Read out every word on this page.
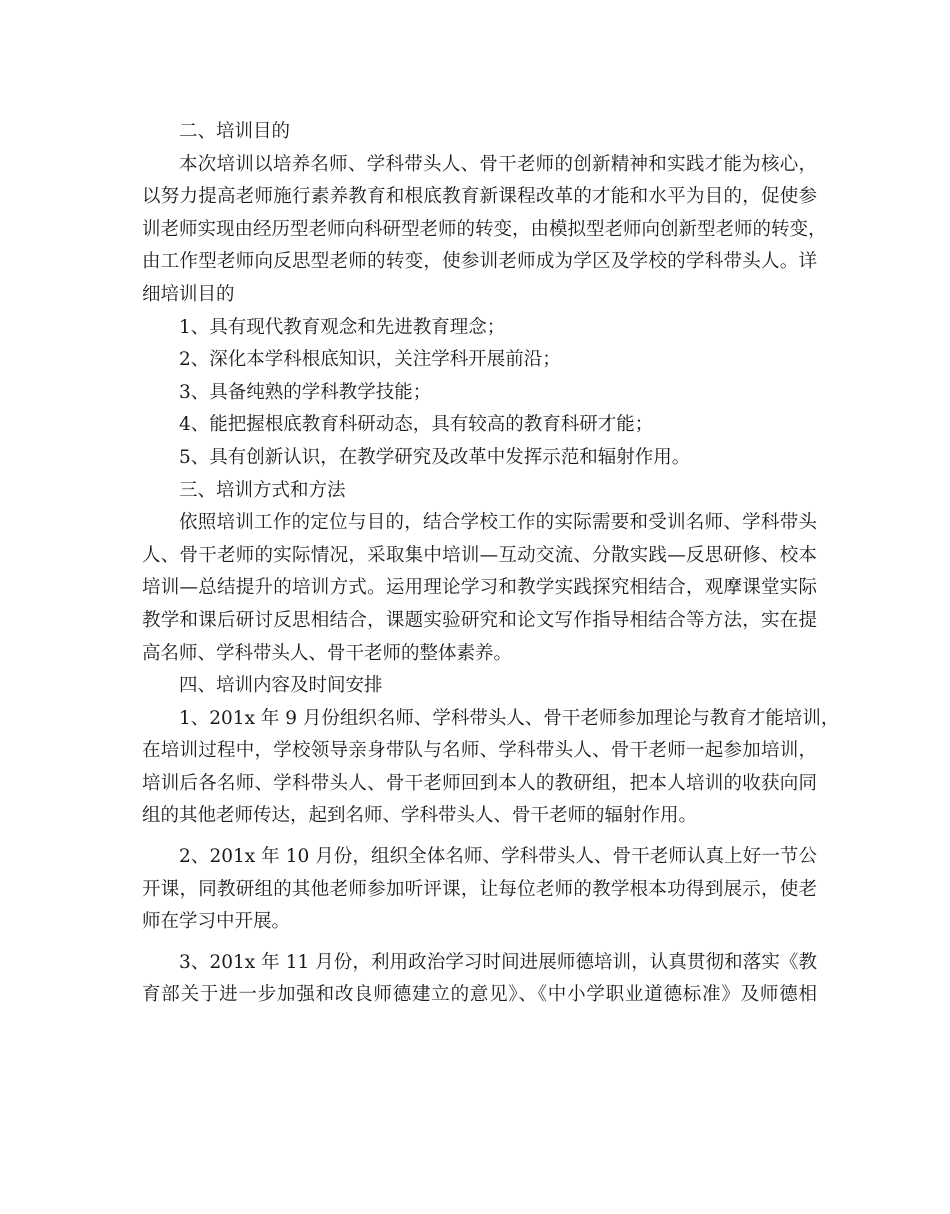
二、培训目的
本次培训以培养名师、学科带头人、骨干老师的创新精神和实践才能为核心，
以努力提高老师施行素养教育和根底教育新课程改革的才能和水平为目的，促使参
训老师实现由经历型老师向科研型老师的转变，由模拟型老师向创新型老师的转变，
由工作型老师向反思型老师的转变，使参训老师成为学区及学校的学科带头人。详
细培训目的
1、具有现代教育观念和先进教育理念；
2、深化本学科根底知识，关注学科开展前沿；
3、具备纯熟的学科教学技能；
4、能把握根底教育科研动态，具有较高的教育科研才能；
5、具有创新认识，在教学研究及改革中发挥示范和辐射作用。
三、培训方式和方法
依照培训工作的定位与目的，结合学校工作的实际需要和受训名师、学科带头
人、骨干老师的实际情况，采取集中培训—互动交流、分散实践—反思研修、校本
培训—总结提升的培训方式。运用理论学习和教学实践探究相结合，观摩课堂实际
教学和课后研讨反思相结合，课题实验研究和论文写作指导相结合等方法，实在提
高名师、学科带头人、骨干老师的整体素养。
四、培训内容及时间安排
1、201x 年 9 月份组织名师、学科带头人、骨干老师参加理论与教育才能培训，
在培训过程中，学校领导亲身带队与名师、学科带头人、骨干老师一起参加培训，
培训后各名师、学科带头人、骨干老师回到本人的教研组，把本人培训的收获向同
组的其他老师传达，起到名师、学科带头人、骨干老师的辐射作用。
2、201x 年 10 月份，组织全体名师、学科带头人、骨干老师认真上好一节公
开课，同教研组的其他老师参加听评课，让每位老师的教学根本功得到展示，使老
师在学习中开展。
3、201x 年 11 月份，利用政治学习时间进展师德培训，认真贯彻和落实《教
育部关于进一步加强和改良师德建立的意见》、《中小学职业道德标准》及师德相
